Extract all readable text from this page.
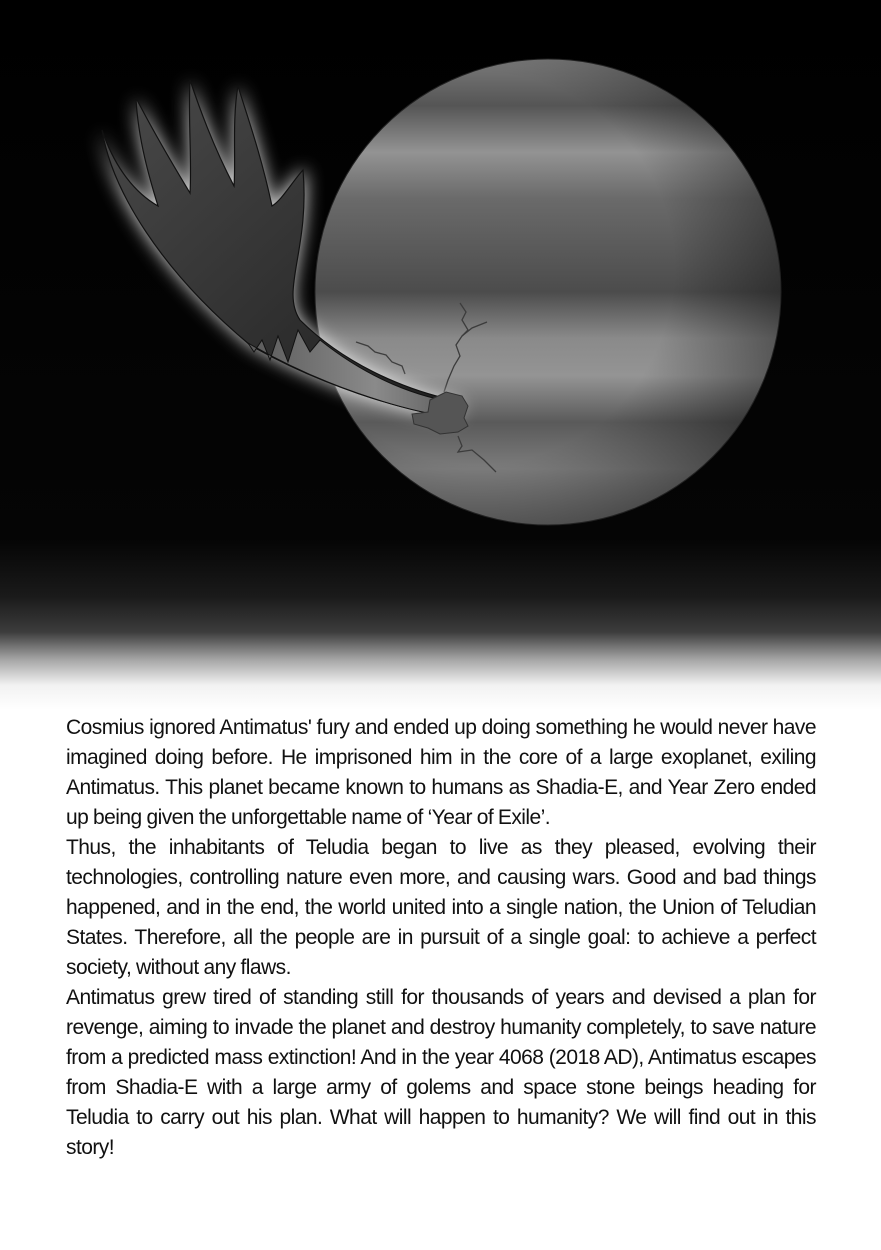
Cosmius ignored Antimatus' fury and ended up doing something he would never have imagined doing before. He imprisoned him in the core of a large exoplanet, exiling Antimatus. This planet became known to humans as Shadia-E, and Year Zero ended up being given the unforgettable name of ‘Year of Exile’.

Thus, the inhabitants of Teludia began to live as they pleased, evolving their technologies, controlling nature even more, and causing wars. Good and bad things happened, and in the end, the world united into a single nation, the Union of Teludian States. Therefore, all the people are in pursuit of a single goal: to achieve a perfect society, without any flaws.

Antimatus grew tired of standing still for thousands of years and devised a plan for revenge, aiming to invade the planet and destroy humanity completely, to save nature from a predicted mass extinction! And in the year 4068 (2018 AD), Antimatus escapes from Shadia-E with a large army of golems and space stone beings heading for Teludia to carry out his plan. What will happen to humanity? We will find out in this story!
